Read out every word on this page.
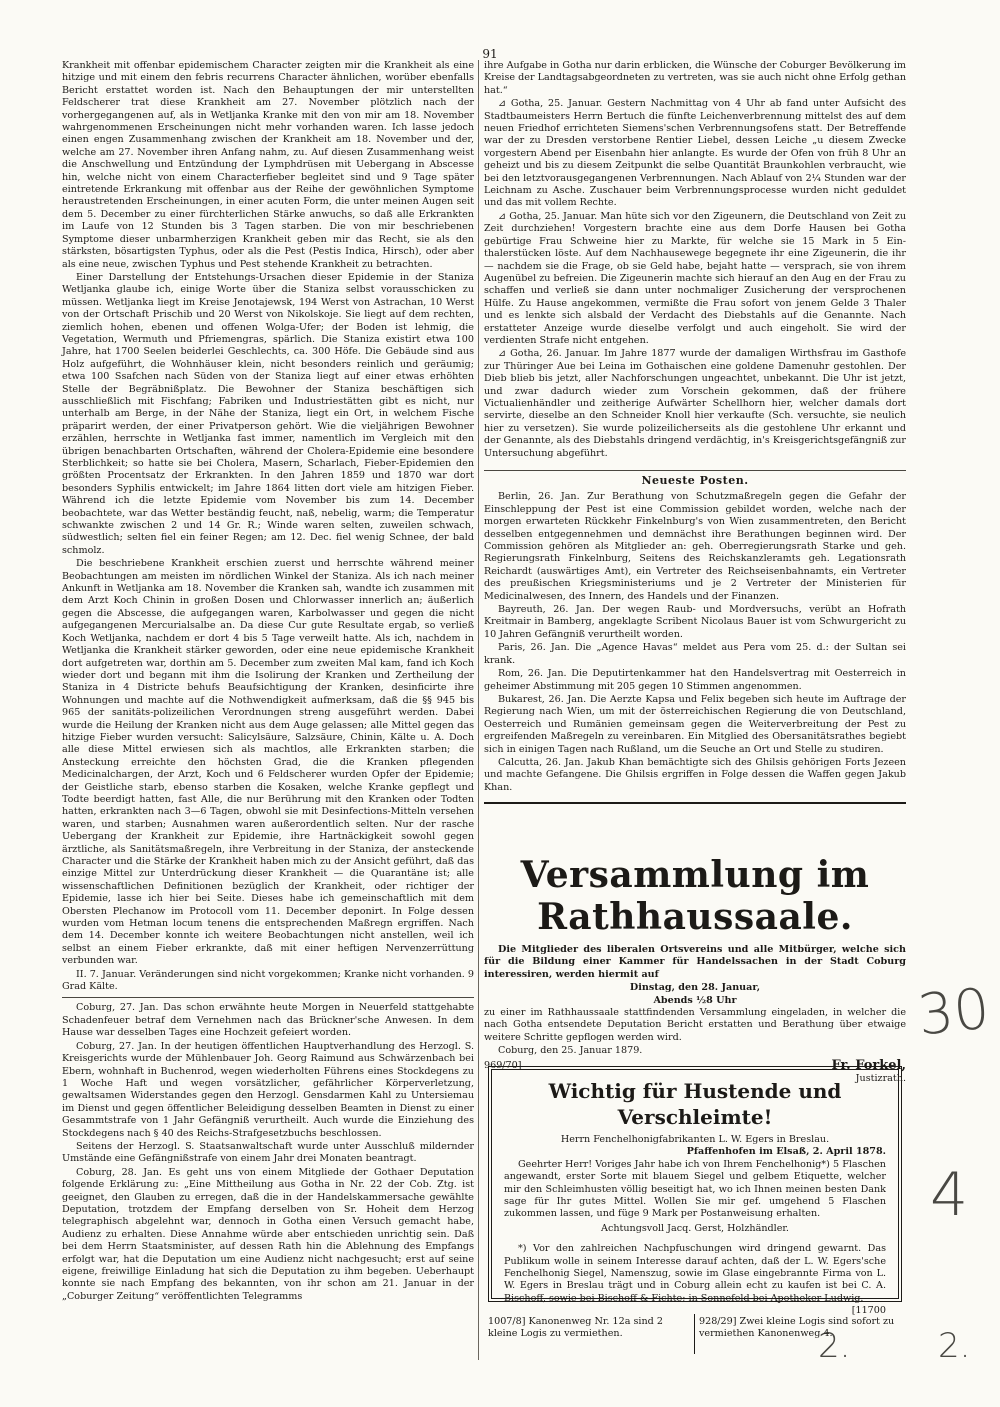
91

Krankheit mit offenbar epidemischem Character zeigten mir die Krankheit als eine hitzige und mit einem den febris recurrens Character ähnlichen, worüber ebenfalls Bericht erstattet worden ist. Nach den Behauptungen der mir unterstellten Feldscherer trat diese Krankheit am 27. November plötzlich nach der vorhergegangenen auf, als in Wetljanka Kranke mit den von mir am 18. November wahrgenommenen Erscheinungen nicht mehr vorhanden waren. Ich lasse jedoch einen engen Zusammenhang zwischen der Krankheit am 18. November und der, welche am 27. November ihren Anfang nahm, zu. Auf diesen Zusammenhang weist die Anschwellung und Entzündung der Lymphdrüsen mit Uebergang in Abscesse hin, welche nicht von einem Characterfieber begleitet sind und 9 Tage später eintretende Erkrankung mit offenbar aus der Reihe der gewöhnlichen Symptome heraustretenden Erscheinungen, in einer acuten Form, die unter meinen Augen seit dem 5. December zu einer fürchterlichen Stärke anwuchs, so daß alle Erkrankten im Laufe von 12 Stunden bis 3 Tagen starben. Die von mir beschriebenen Symptome dieser unbarmherzigen Krankheit geben mir das Recht, sie als den stärksten, bösartigsten Typhus, oder als die Pest (Pestis Indica, Hirsch), oder aber als eine neue, zwischen Typhus und Pest stehende Krankheit zu betrachten.

Einer Darstellung der Entstehungs-Ursachen dieser Epidemie in der Staniza Wetljanka glaube ich, einige Worte über die Staniza selbst vorausschicken zu müssen. Wetljanka liegt im Kreise Jenotajewsk, 194 Werst von Astrachan, 10 Werst von der Ortschaft Prischib und 20 Werst von Nikolskoje. Sie liegt auf dem rechten, ziemlich hohen, ebenen und offenen Wolga-Ufer; der Boden ist lehmig, die Vegetation, Wermuth und Pfriemengras, spärlich. Die Staniza existirt etwa 100 Jahre, hat 1700 Seelen beiderlei Geschlechts, ca. 300 Höfe. Die Gebäude sind aus Holz aufgeführt, die Wohnhäuser klein, nicht besonders reinlich und geräumig; etwa 100 Ssafchen nach Süden von der Staniza liegt auf einer etwas erhöhten Stelle der Begräbnißplatz. Die Bewohner der Staniza beschäftigen sich ausschließlich mit Fischfang; Fabriken und Industriestätten gibt es nicht, nur unterhalb am Berge, in der Nähe der Staniza, liegt ein Ort, in welchem Fische präparirt werden, der einer Privatperson gehört. Wie die vieljährigen Bewohner erzählen, herrschte in Wetljanka fast immer, namentlich im Vergleich mit den übrigen benachbarten Ortschaften, während der Cholera-Epidemie eine besondere Sterblichkeit; so hatte sie bei Cholera, Masern, Scharlach, Fieber-Epidemien den größten Procentsatz der Erkrankten. In den Jahren 1859 und 1870 war dort besonders Syphilis entwickelt; im Jahre 1864 litten dort viele am hitzigen Fieber. Während ich die letzte Epidemie vom November bis zum 14. December beobachtete, war das Wetter beständig feucht, naß, nebelig, warm; die Temperatur schwankte zwischen 2 und 14 Gr. R.; Winde waren selten, zuweilen schwach, südwestlich; selten fiel ein feiner Regen; am 12. Dec. fiel wenig Schnee, der bald schmolz.

Die beschriebene Krankheit erschien zuerst und herrschte während meiner Beobachtungen am meisten im nördlichen Winkel der Staniza. Als ich nach meiner Ankunft in Wetljanka am 18. November die Kranken sah, wandte ich zusammen mit dem Arzt Koch Chinin in großen Dosen und Chlorwasser innerlich an; äußerlich gegen die Abscesse, die aufgegangen waren, Karbolwasser und gegen die nicht aufgegangenen Mercurialsalbe an. Da diese Cur gute Resultate ergab, so verließ Koch Wetljanka, nachdem er dort 4 bis 5 Tage verweilt hatte. Als ich, nachdem in Wetljanka die Krankheit stärker geworden, oder eine neue epidemische Krankheit dort aufgetreten war, dorthin am 5. December zum zweiten Mal kam, fand ich Koch wieder dort und begann mit ihm die Isolirung der Kranken und Zertheilung der Staniza in 4 Districte behufs Beaufsichtigung der Kranken, desinficirte ihre Wohnungen und machte auf die Nothwendigkeit aufmerksam, daß die §§ 945 bis 965 der sanitäts-polizeilichen Verordnungen streng ausgeführt werden. Dabei wurde die Heilung der Kranken nicht aus dem Auge gelassen; alle Mittel gegen das hitzige Fieber wurden versucht: Salicylsäure, Salzsäure, Chinin, Kälte u. A. Doch alle diese Mittel erwiesen sich als machtlos, alle Erkrankten starben; die Ansteckung erreichte den höchsten Grad, die die Kranken pflegenden Medicinalchargen, der Arzt, Koch und 6 Feldscherer wurden Opfer der Epidemie; der Geistliche starb, ebenso starben die Kosaken, welche Kranke gepflegt und Todte beerdigt hatten, fast Alle, die nur Berührung mit den Kranken oder Todten hatten, erkrankten nach 3—6 Tagen, obwohl sie mit Desinfections-Mitteln versehen waren, und starben; Ausnahmen waren außerordentlich selten. Nur der rasche Uebergang der Krankheit zur Epidemie, ihre Hartnäckigkeit sowohl gegen ärztliche, als Sanitätsmaßregeln, ihre Verbreitung in der Staniza, der ansteckende Character und die Stärke der Krankheit haben mich zu der Ansicht geführt, daß das einzige Mittel zur Unterdrückung dieser Krankheit — die Quarantäne ist; alle wissenschaftlichen Definitionen bezüglich der Krankheit, oder richtiger der Epidemie, lasse ich hier bei Seite. Dieses habe ich gemeinschaftlich mit dem Obersten Plechanow im Protocoll vom 11. December deponirt. In Folge dessen wurden vom Hetman locum tenens die entsprechenden Maßregn ergriffen. Nach dem 14. December konnte ich weitere Beobachtungen nicht anstellen, weil ich selbst an einem Fieber erkrankte, daß mit einer heftigen Nervenzerrüttung verbunden war.

II. 7. Januar. Veränderungen sind nicht vorgekommen; Kranke nicht vorhanden. 9 Grad Kälte.

Coburg, 27. Jan. Das schon erwähnte heute Morgen in Neuerfeld stattgehabte Schadenfeuer betraf dem Vernehmen nach das Brückner'sche Anwesen. In dem Hause war desselben Tages eine Hochzeit gefeiert worden.

Coburg, 27. Jan. In der heutigen öffentlichen Hauptverhandlung des Herzogl. S. Kreisgerichts wurde der Mühlenbauer Joh. Georg Raimund aus Schwärzenbach bei Ebern, wohnhaft in Buchenrod, wegen wiederholten Führens eines Stockdegens zu 1 Woche Haft und wegen vorsätzlicher, gefährlicher Körperverletzung, gewaltsamen Widerstandes gegen den Herzogl. Gensdarmen Kahl zu Untersiemau im Dienst und gegen öffentlicher Beleidigung desselben Beamten in Dienst zu einer Gesammtstrafe von 1 Jahr Gefängniß verurtheilt. Auch wurde die Einziehung des Stockdegens nach § 40 des Reichs-Strafgesetzbuchs beschlossen.

Seitens der Herzogl. S. Staatsanwaltschaft wurde unter Ausschluß mildernder Umstände eine Gefängnißstrafe von einem Jahr drei Monaten beantragt.

Coburg, 28. Jan. Es geht uns von einem Mitgliede der Gothaer Deputation folgende Erklärung zu: „Eine Mittheilung aus Gotha in Nr. 22 der Cob. Ztg. ist geeignet, den Glauben zu erregen, daß die in der Handelskammersache gewählte Deputation, trotzdem der Empfang derselben von Sr. Hoheit dem Herzog telegraphisch abgelehnt war, dennoch in Gotha einen Versuch gemacht habe, Audienz zu erhalten. Diese Annahme würde aber entschieden unrichtig sein. Daß bei dem Herrn Staatsminister, auf dessen Rath hin die Ablehnung des Empfangs erfolgt war, hat die Deputation um eine Audienz nicht nachgesucht; erst auf seine eigene, freiwillige Einladung hat sich die Deputation zu ihm begeben. Ueberhaupt konnte sie nach Empfang des bekannten, von ihr schon am 21. Januar in der „Coburger Zeitung“ veröffentlichten Telegramms

ihre Aufgabe in Gotha nur darin erblicken, die Wünsche der Coburger Bevölkerung im Kreise der Landtagsabgeordneten zu vertreten, was sie auch nicht ohne Erfolg gethan hat.“

⊿ Gotha, 25. Januar. Gestern Nachmittag von 4 Uhr ab fand unter Aufsicht des Stadtbaumeisters Herrn Bertuch die fünfte Leichenverbrennung mittelst des auf dem neuen Friedhof errichteten Siemens'schen Verbrennungsofens statt. Der Betreffende war der zu Dresden verstorbene Rentier Liebel, dessen Leiche „u diesem Zwecke vorgestern Abend per Eisenbahn hier anlangte. Es wurde der Ofen von früh 8 Uhr an geheizt und bis zu diesem Zeitpunkt die selbe Quantität Braunkohlen verbraucht, wie bei den letztvorausgegangenen Verbrennungen. Nach Ablauf von 2¼ Stunden war der Leichnam zu Asche. Zuschauer beim Verbrennungsprocesse wurden nicht geduldet und das mit vollem Rechte.

⊿ Gotha, 25. Januar. Man hüte sich vor den Zigeunern, die Deutschland von Zeit zu Zeit durchziehen! Vorgestern brachte eine aus dem Dorfe Hausen bei Gotha gebürtige Frau Schweine hier zu Markte, für welche sie 15 Mark in 5 Ein-thalerstücken löste. Auf dem Nachhausewege begegnete ihr eine Zigeunerin, die ihr — nachdem sie die Frage, ob sie Geld habe, bejaht hatte — versprach, sie von ihrem Augenübel zu befreien. Die Zigeunerin machte sich hierauf an den Aug en der Frau zu schaffen und verließ sie dann unter nochmaliger Zusicherung der versprochenen Hülfe. Zu Hause angekommen, vermißte die Frau sofort von jenem Gelde 3 Thaler und es lenkte sich alsbald der Verdacht des Diebstahls auf die Genannte. Nach erstatteter Anzeige wurde dieselbe verfolgt und auch eingeholt. Sie wird der verdienten Strafe nicht entgehen.

⊿ Gotha, 26. Januar. Im Jahre 1877 wurde der damaligen Wirthsfrau im Gasthofe zur Thüringer Aue bei Leina im Gothaischen eine goldene Damenuhr gestohlen. Der Dieb blieb bis jetzt, aller Nachforschungen ungeachtet, unbekannt. Die Uhr ist jetzt, und zwar dadurch wieder zum Vorschein gekommen, daß der frühere Victualienhändler und zeitherige Aufwärter Schellhorn hier, welcher damals dort servirte, dieselbe an den Schneider Knoll hier verkaufte (Sch. versuchte, sie neulich hier zu versetzen). Sie wurde polizeilicherseits als die gestohlene Uhr erkannt und der Genannte, als des Diebstahls dringend verdächtig, in's Kreisgerichtsgefängniß zur Untersuchung abgeführt.

Neueste Posten.

Berlin, 26. Jan. Zur Berathung von Schutzmaßregeln gegen die Gefahr der Einschleppung der Pest ist eine Commission gebildet worden, welche nach der morgen erwarteten Rückkehr Finkelnburg's von Wien zusammentreten, den Bericht desselben entgegennehmen und demnächst ihre Berathungen beginnen wird. Der Commission gehören als Mitglieder an: geh. Oberregierungsrath Starke und geh. Regierungsrath Finkelnburg, Seitens des Reichskanzleramts geh. Legationsrath Reichardt (auswärtiges Amt), ein Vertreter des Reichseisenbahnamts, ein Vertreter des preußischen Kriegsministeriums und je 2 Vertreter der Ministerien für Medicinalwesen, des Innern, des Handels und der Finanzen.

Bayreuth, 26. Jan. Der wegen Raub- und Mordversuchs, verübt an Hofrath Kreitmair in Bamberg, angeklagte Scribent Nicolaus Bauer ist vom Schwurgericht zu 10 Jahren Gefängniß verurtheilt worden.

Paris, 26. Jan. Die „Agence Havas“ meldet aus Pera vom 25. d.: der Sultan sei krank.

Rom, 26. Jan. Die Deputirtenkammer hat den Handelsvertrag mit Oesterreich in geheimer Abstimmung mit 205 gegen 10 Stimmen angenommen.

Bukarest, 26. Jan. Die Aerzte Kapsa und Felix begeben sich heute im Auftrage der Regierung nach Wien, um mit der österreichischen Regierung die von Deutschland, Oesterreich und Rumänien gemeinsam gegen die Weiterverbreitung der Pest zu ergreifenden Maßregeln zu vereinbaren. Ein Mitglied des Obersanitätsrathes begiebt sich in einigen Tagen nach Rußland, um die Seuche an Ort und Stelle zu studiren.

Calcutta, 26. Jan. Jakub Khan bemächtigte sich des Ghilsis gehörigen Forts Jezeen und machte Gefangene. Die Ghilsis ergriffen in Folge dessen die Waffen gegen Jakub Khan.

Versammlung im Rathhaussaale.

Die Mitglieder des liberalen Ortsvereins und alle Mitbürger, welche sich für die Bildung einer Kammer für Handelssachen in der Stadt Coburg interessiren, werden hiermit auf

Dinstag, den 28. Januar,
Abends ½8 Uhr

zu einer im Rathhaussaale stattfindenden Versammlung eingeladen, in welcher die nach Gotha entsendete Deputation Bericht erstatten und Berathung über etwaige weitere Schritte gepflogen werden wird.

Coburg, den 25. Januar 1879.

969/70]	Fr. Forkel,
Justizrath.
Wichtig für Hustende und Verschleimte!
Herrn Fenchelhonigfabrikanten L. W. Egers in Breslau.
Pfaffenhofen im Elsaß, 2. April 1878.

Geehrter Herr! Voriges Jahr habe ich von Ihrem Fenchelhonig*) 5 Flaschen angewandt, erster Sorte mit blauem Siegel und gelbem Etiquette, welcher mir den Schleimhusten völlig beseitigt hat, wo ich Ihnen meinen besten Dank sage für Ihr gutes Mittel. Wollen Sie mir gef. umgehend 5 Flaschen zukommen lassen, und füge 9 Mark per Postanweisung erhalten.

Achtungsvoll Jacq. Gerst, Holzhändler.

*) Vor den zahlreichen Nachpfuschungen wird dringend gewarnt. Das Publikum wolle in seinem Interesse darauf achten, daß der L. W. Egers'sche Fenchelhonig Siegel, Namenszug, sowie im Glase eingebrannte Firma von L. W. Egers in Breslau trägt und in Coburg allein echt zu kaufen ist bei C. A. Bischoff, sowie bei Bischoff & Fichte; in Sonnefeld bei Apotheker Ludwig.

[11700
1007/8] Kanonenweg Nr. 12a sind 2 kleine Logis zu vermiethen.
928/29] Zwei kleine Logis sind sofort zu vermiethen Kanonenweg 4.
30
4
2.	2.
